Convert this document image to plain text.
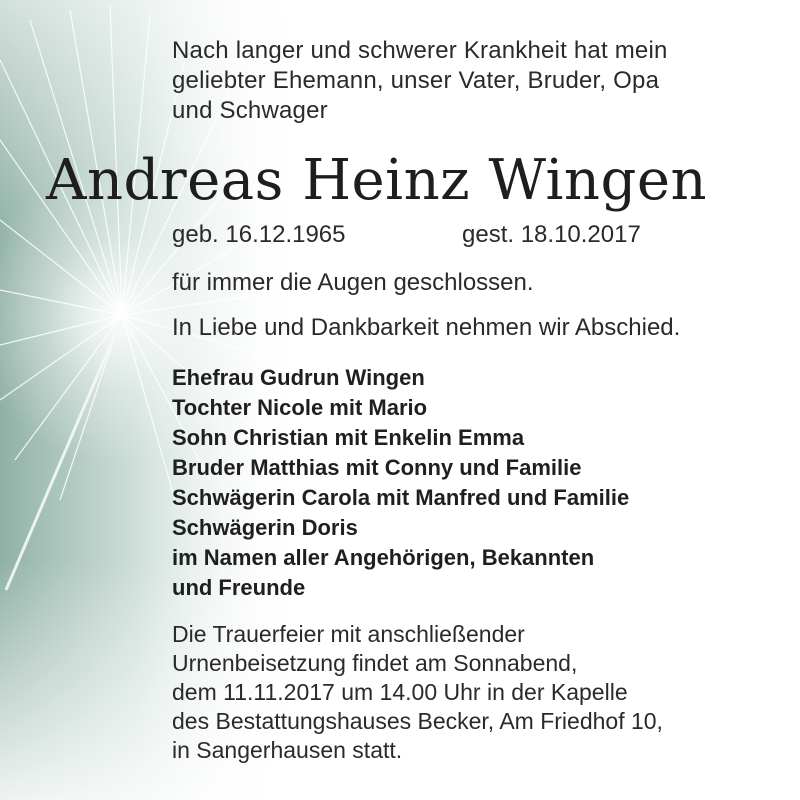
Nach langer und schwerer Krankheit hat mein
geliebter Ehemann, unser Vater, Bruder, Opa
und Schwager
Andreas Heinz Wingen
geb. 16.12.1965	gest. 18.10.2017
für immer die Augen geschlossen.
In Liebe und Dankbarkeit nehmen wir Abschied.
Ehefrau Gudrun Wingen
Tochter Nicole mit Mario
Sohn Christian mit Enkelin Emma
Bruder Matthias mit Conny und Familie
Schwägerin Carola mit Manfred und Familie
Schwägerin Doris
im Namen aller Angehörigen, Bekannten
und Freunde
Die Trauerfeier mit anschließender
Urnenbeisetzung findet am Sonnabend,
dem 11.11.2017 um 14.00 Uhr in der Kapelle
des Bestattungshauses Becker, Am Friedhof 10,
in Sangerhausen statt.
